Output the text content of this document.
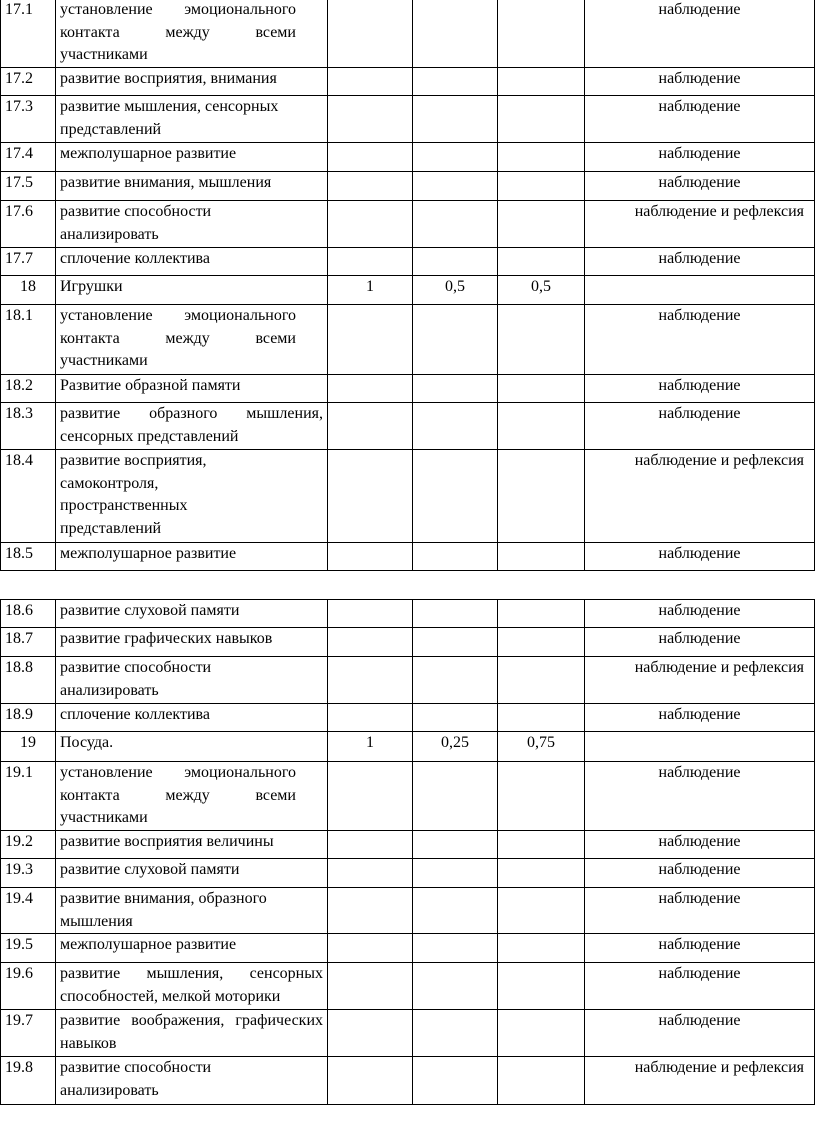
17.1	установление эмоционального контакта между всеми участниками				наблюдение
17.2	развитие восприятия, внимания				наблюдение
17.3	развитие мышления, сенсорных представлений				наблюдение
17.4	межполушарное развитие				наблюдение
17.5	развитие внимания, мышления				наблюдение
17.6	развитие способности анализировать				наблюдение и рефлексия
17.7	сплочение коллектива				наблюдение
18	Игрушки	1	0,5	0,5	
18.1	установление эмоционального контакта между всеми участниками				наблюдение
18.2	Развитие образной памяти				наблюдение
18.3	развитие образного мышления, сенсорных представлений				наблюдение
18.4	развитие восприятия, самоконтроля, пространственных представлений				наблюдение и рефлексия
18.5	межполушарное развитие				наблюдение
18.6	развитие слуховой памяти				наблюдение
18.7	развитие графических навыков				наблюдение
18.8	развитие способности анализировать				наблюдение и рефлексия
18.9	сплочение коллектива				наблюдение
19	Посуда.	1	0,25	0,75	
19.1	установление эмоционального контакта между всеми участниками				наблюдение
19.2	развитие восприятия величины				наблюдение
19.3	развитие слуховой памяти				наблюдение
19.4	развитие внимания, образного мышления				наблюдение
19.5	межполушарное развитие				наблюдение
19.6	развитие мышления, сенсорных способностей, мелкой моторики				наблюдение
19.7	развитие воображения, графических навыков				наблюдение
19.8	развитие способности анализировать				наблюдение и рефлексия
